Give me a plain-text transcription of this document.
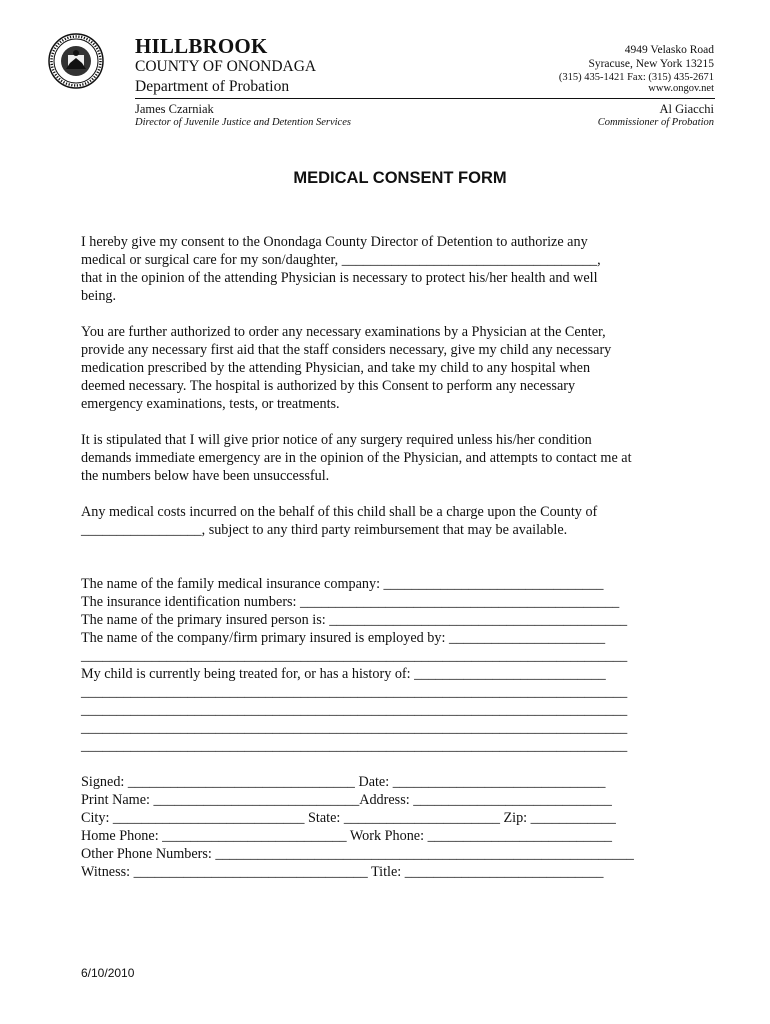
HILLBROOK
COUNTY OF ONONDAGA
Department of Probation
4949 Velasko Road
Syracuse, New York 13215
(315) 435-1421 Fax: (315) 435-2671
www.ongov.net
James Czarniak
Director of Juvenile Justice and Detention Services
Al Giacchi
Commissioner of Probation
MEDICAL CONSENT FORM

I hereby give my consent to the Onondaga County Director of Detention to authorize any

medical or surgical care for my son/daughter, ____________________________________,

that in the opinion of the attending Physician is necessary to protect his/her health and well

being.

You are further authorized to order any necessary examinations by a Physician at the Center,

provide any necessary first aid that the staff considers necessary, give my child any necessary

medication prescribed by the attending Physician, and take my child to any hospital when

deemed necessary. The hospital is authorized by this Consent to perform any necessary

emergency examinations, tests, or treatments.

It is stipulated that I will give prior notice of any surgery required unless his/her condition

demands immediate emergency are in the opinion of the Physician, and attempts to contact me at

the numbers below have been unsuccessful.

Any medical costs incurred on the behalf of this child shall be a charge upon the County of

_________________, subject to any third party reimbursement that may be available.

The name of the family medical insurance company: _______________________________
The insurance identification numbers: _____________________________________________
The name of the primary insured person is: __________________________________________
The name of the company/firm primary insured is employed by: ______________________
_____________________________________________________________________________
My child is currently being treated for, or has a history of: ___________________________
_____________________________________________________________________________
_____________________________________________________________________________
_____________________________________________________________________________
_____________________________________________________________________________
Signed: ________________________________ Date: ______________________________
Print Name: _____________________________Address: ____________________________
City: ___________________________ State: ______________________ Zip: ____________
Home Phone: __________________________ Work Phone: __________________________
Other Phone Numbers: ___________________________________________________________
Witness: _________________________________ Title: ____________________________
6/10/2010
